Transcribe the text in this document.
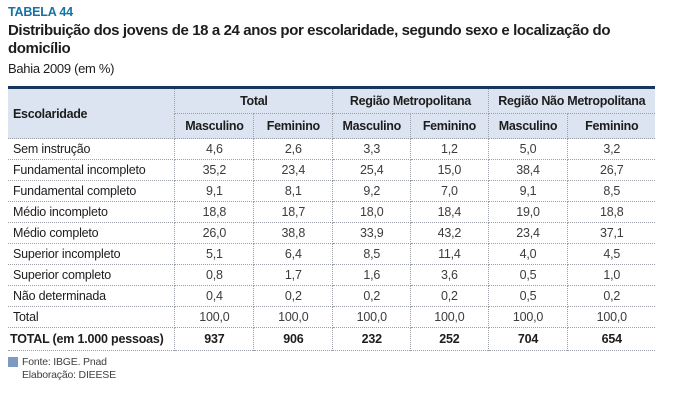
TABELA 44
Distribuição dos jovens de 18 a 24 anos por escolaridade, segundo sexo e localização do domicílio
Bahia 2009 (em %)
Escolaridade	Total		Região Metropolitana		Região Não Metropolitana	
	Masculino	Feminino	Masculino	Feminino	Masculino	Feminino
Sem instrução	4,6	2,6	3,3	1,2	5,0	3,2
Fundamental incompleto	35,2	23,4	25,4	15,0	38,4	26,7
Fundamental completo	9,1	8,1	9,2	7,0	9,1	8,5
Médio incompleto	18,8	18,7	18,0	18,4	19,0	18,8
Médio completo	26,0	38,8	33,9	43,2	23,4	37,1
Superior incompleto	5,1	6,4	8,5	11,4	4,0	4,5
Superior completo	0,8	1,7	1,6	3,6	0,5	1,0
Não determinada	0,4	0,2	0,2	0,2	0,5	0,2
Total	100,0	100,0	100,0	100,0	100,0	100,0
TOTAL (em 1.000 pessoas)	937	906	232	252	704	654
Fonte: IBGE. Pnad
Elaboração: DIEESE
